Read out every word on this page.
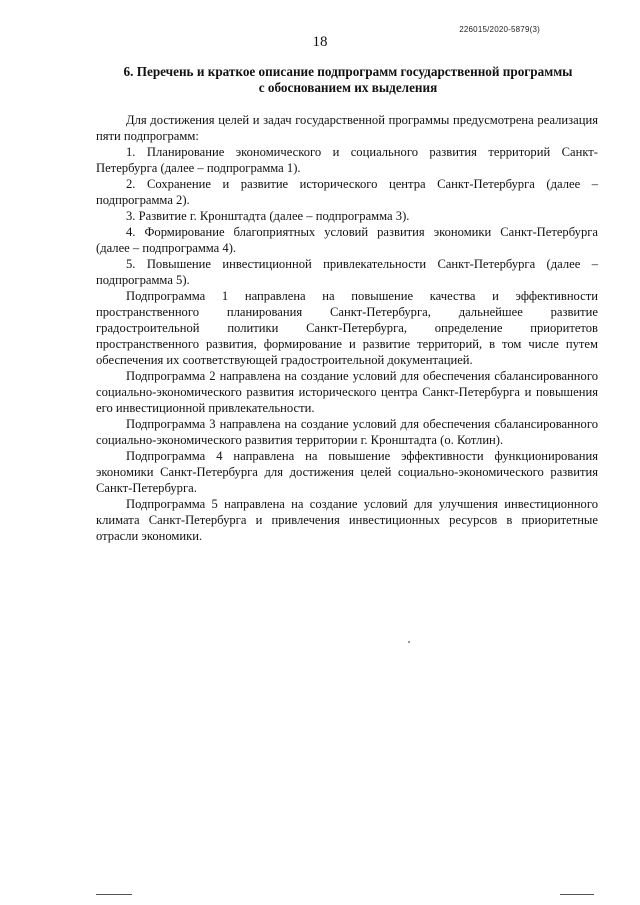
226015/2020-5879(3)
18
6. Перечень и краткое описание подпрограмм государственной программы
с обоснованием их выделения

Для достижения целей и задач государственной программы предусмотрена реализация пяти подпрограмм:

1. Планирование экономического и социального развития территорий Санкт-Петербурга (далее – подпрограмма 1).

2. Сохранение и развитие исторического центра Санкт-Петербурга (далее – подпрограмма 2).

3. Развитие г. Кронштадта (далее – подпрограмма 3).

4. Формирование благоприятных условий развития экономики Санкт-Петербурга (далее – подпрограмма 4).

5. Повышение инвестиционной привлекательности Санкт-Петербурга (далее – подпрограмма 5).

Подпрограмма 1 направлена на повышение качества и эффективности пространственного планирования Санкт-Петербурга, дальнейшее развитие градостроительной политики Санкт-Петербурга, определение приоритетов пространственного развития, формирование и развитие территорий, в том числе путем обеспечения их соответствующей градостроительной документацией.

Подпрограмма 2 направлена на создание условий для обеспечения сбалансированного социально-экономического развития исторического центра Санкт-Петербурга и повышения его инвестиционной привлекательности.

Подпрограмма 3 направлена на создание условий для обеспечения сбалансированного социально-экономического развития территории г. Кронштадта (о. Котлин).

Подпрограмма 4 направлена на повышение эффективности функционирования экономики Санкт-Петербурга для достижения целей социально-экономического развития Санкт-Петербурга.

Подпрограмма 5 направлена на создание условий для улучшения инвестиционного климата Санкт-Петербурга и привлечения инвестиционных ресурсов в приоритетные отрасли экономики.
